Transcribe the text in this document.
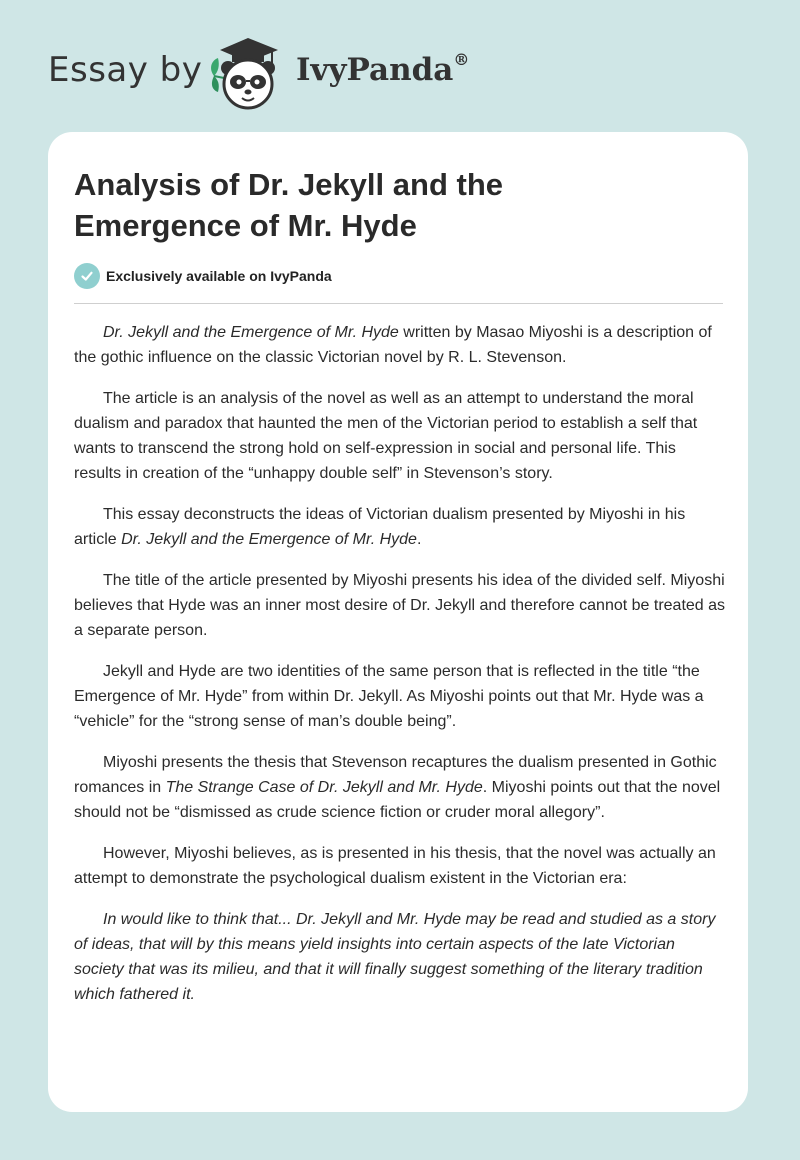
Essay by	IvyPanda®
Analysis of Dr. Jekyll and the Emergence of Mr. Hyde
Exclusively available on IvyPanda

Dr. Jekyll and the Emergence of Mr. Hyde written by Masao Miyoshi is a description of the gothic influence on the classic Victorian novel by R. L. Stevenson.

The article is an analysis of the novel as well as an attempt to understand the moral dualism and paradox that haunted the men of the Victorian period to establish a self that wants to transcend the strong hold on self-expression in social and personal life. This results in creation of the “unhappy double self” in Stevenson’s story.

This essay deconstructs the ideas of Victorian dualism presented by Miyoshi in his article Dr. Jekyll and the Emergence of Mr. Hyde.

The title of the article presented by Miyoshi presents his idea of the divided self. Miyoshi believes that Hyde was an inner most desire of Dr. Jekyll and therefore cannot be treated as a separate person.

Jekyll and Hyde are two identities of the same person that is reflected in the title “the Emergence of Mr. Hyde” from within Dr. Jekyll. As Miyoshi points out that Mr. Hyde was a “vehicle” for the “strong sense of man’s double being”.

Miyoshi presents the thesis that Stevenson recaptures the dualism presented in Gothic romances in The Strange Case of Dr. Jekyll and Mr. Hyde. Miyoshi points out that the novel should not be “dismissed as crude science fiction or cruder moral allegory”.

However, Miyoshi believes, as is presented in his thesis, that the novel was actually an attempt to demonstrate the psychological dualism existent in the Victorian era:

In would like to think that... Dr. Jekyll and Mr. Hyde may be read and studied as a story of ideas, that will by this means yield insights into certain aspects of the late Victorian society that was its milieu, and that it will finally suggest something of the literary tradition which fathered it.
